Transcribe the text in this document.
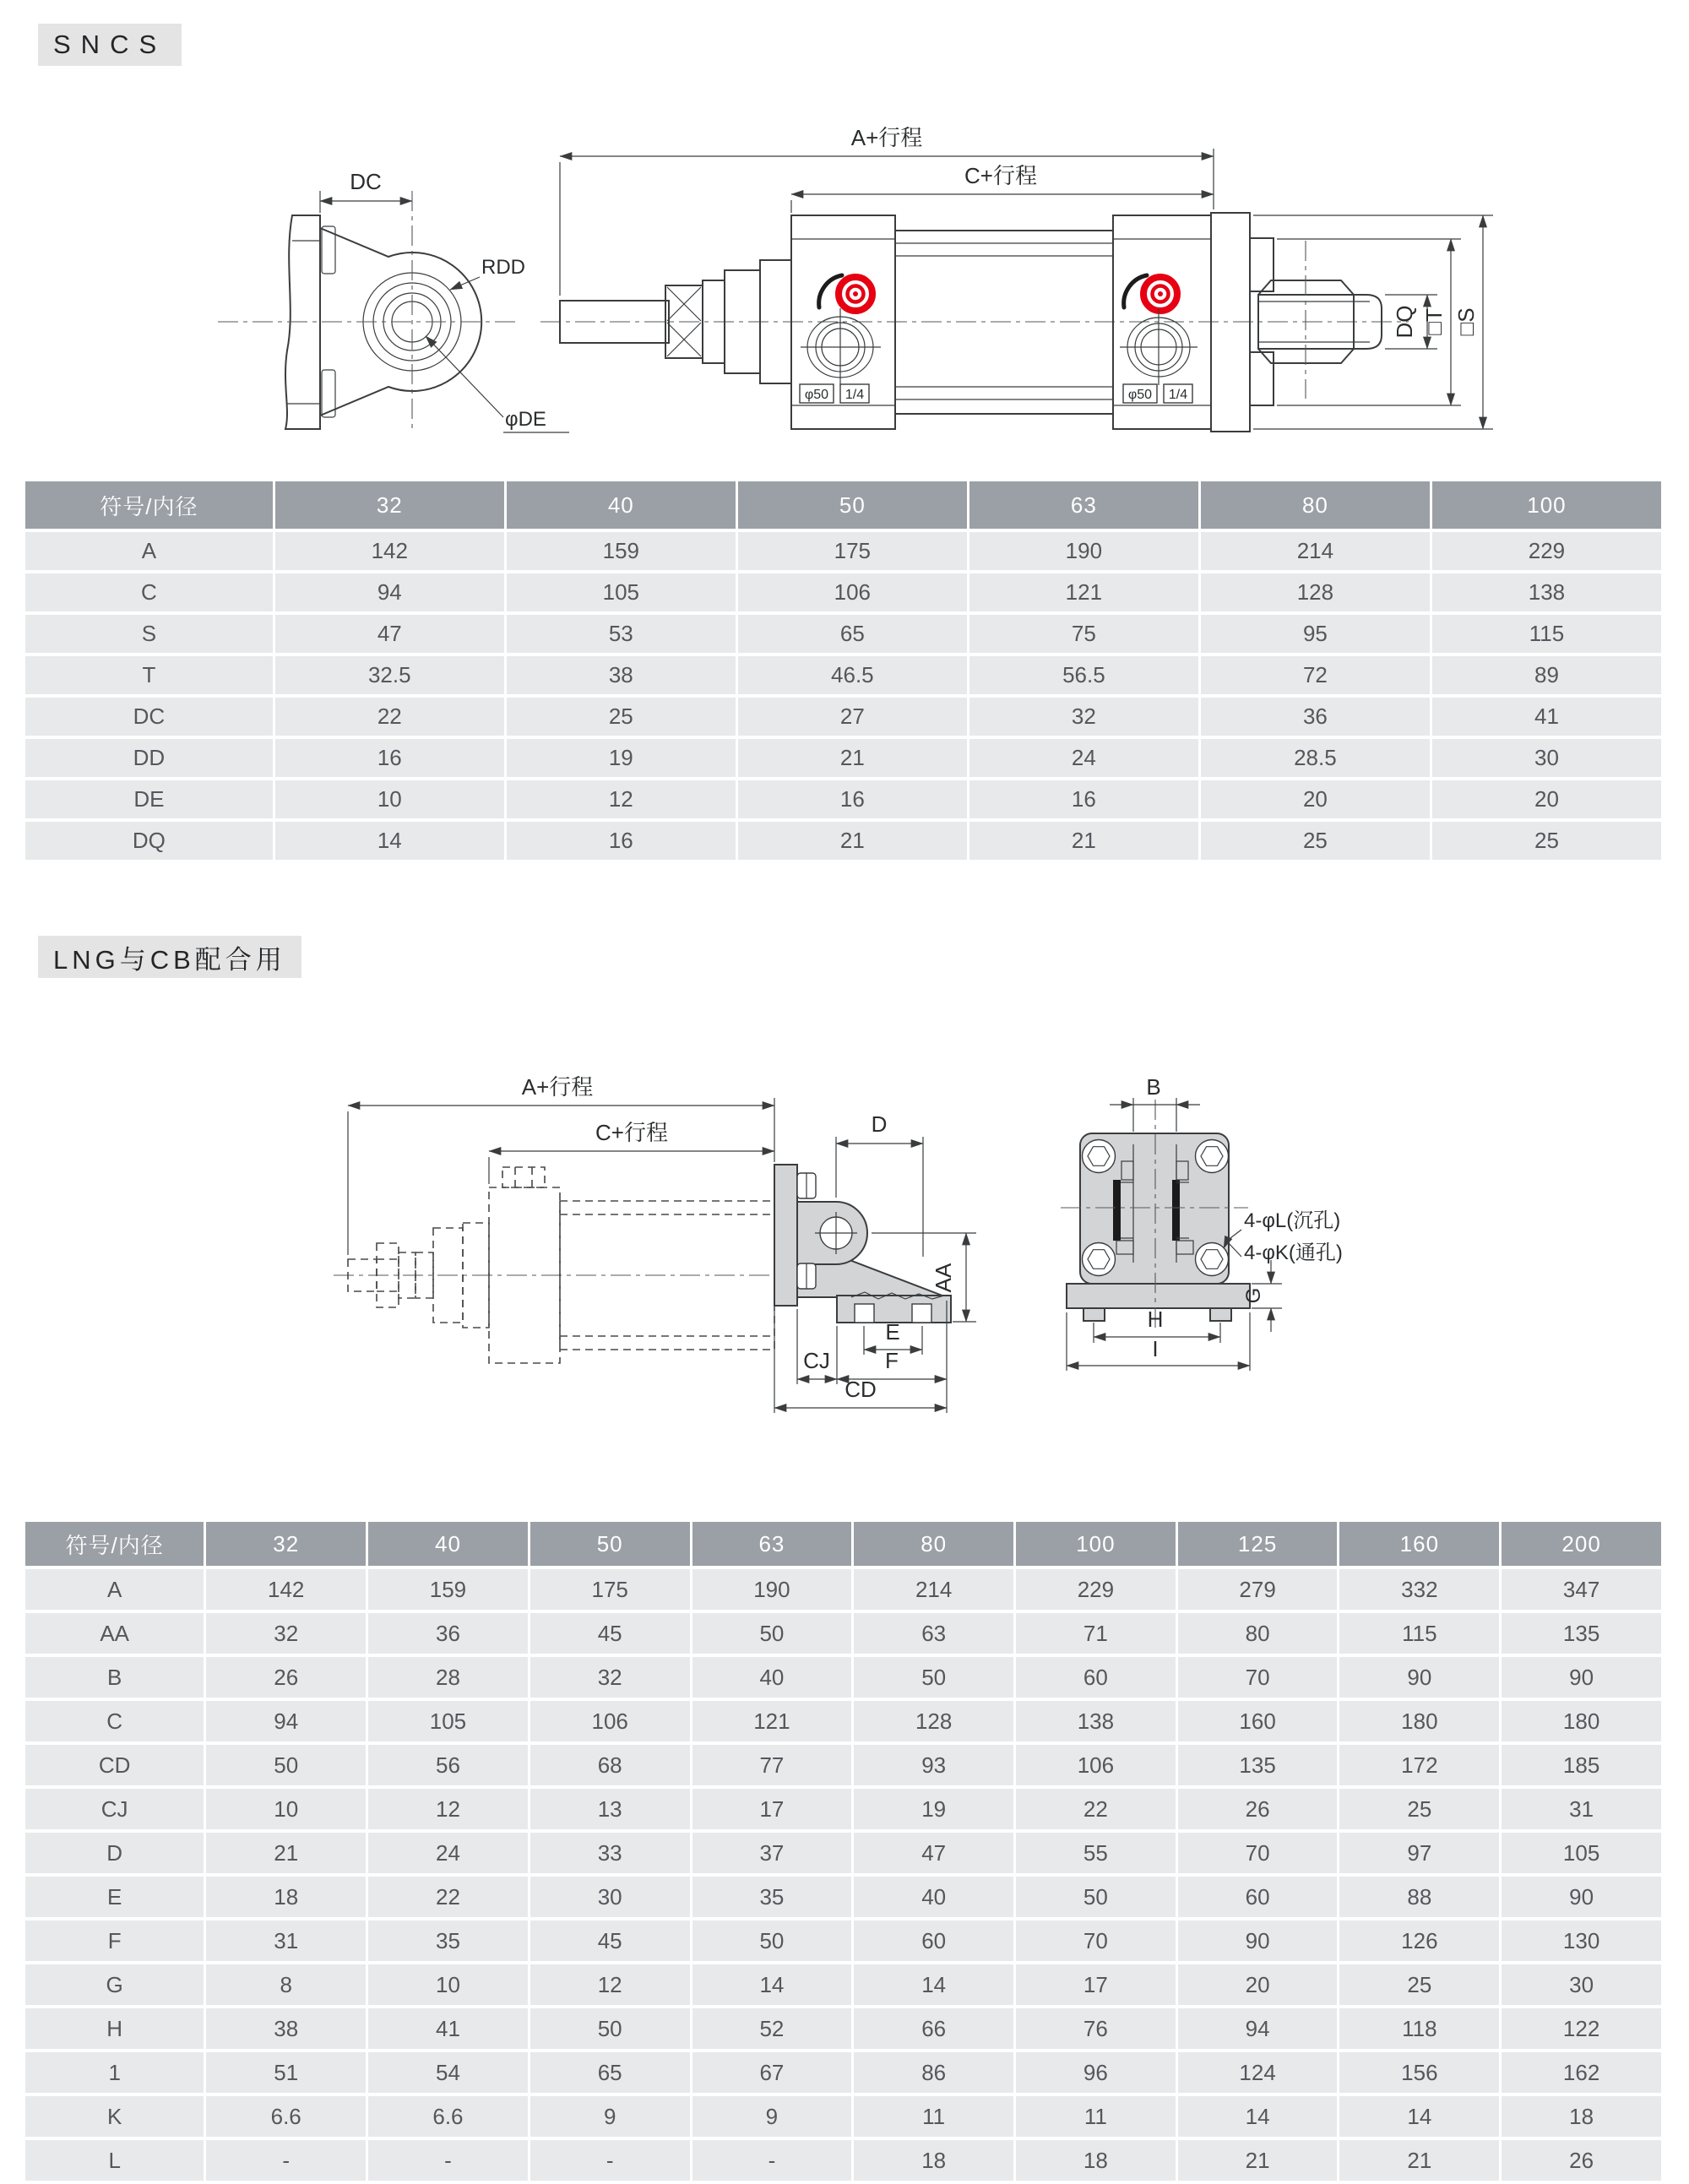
SNCS
LNG与CB配合用
DC
RDD
φDE
φ50 1/4	φ50 1/4
A+行程
C+行程
DQ □T □S
符号/内径	32	40	50	63	80	100
A	142	159	175	190	214	229
C	94	105	106	121	128	138
S	47	53	65	75	95	115
T	32.5	38	46.5	56.5	72	89
DC	22	25	27	32	36	41
DD	16	19	21	24	28.5	30
DE	10	12	16	16	20	20
DQ	14	16	21	21	25	25
A+行程
C+行程	D
AA
E
F
CJ
CD
B
4-φL(沉孔)
4-φK(通孔)
G
H
I
符号/内径	32	40	50	63	80	100	125	160	200
A	142	159	175	190	214	229	279	332	347
AA	32	36	45	50	63	71	80	115	135
B	26	28	32	40	50	60	70	90	90
C	94	105	106	121	128	138	160	180	180
CD	50	56	68	77	93	106	135	172	185
CJ	10	12	13	17	19	22	26	25	31
D	21	24	33	37	47	55	70	97	105
E	18	22	30	35	40	50	60	88	90
F	31	35	45	50	60	70	90	126	130
G	8	10	12	14	14	17	20	25	30
H	38	41	50	52	66	76	94	118	122
1	51	54	65	67	86	96	124	156	162
K	6.6	6.6	9	9	11	11	14	14	18
L	-	-	-	-	18	18	21	21	26
